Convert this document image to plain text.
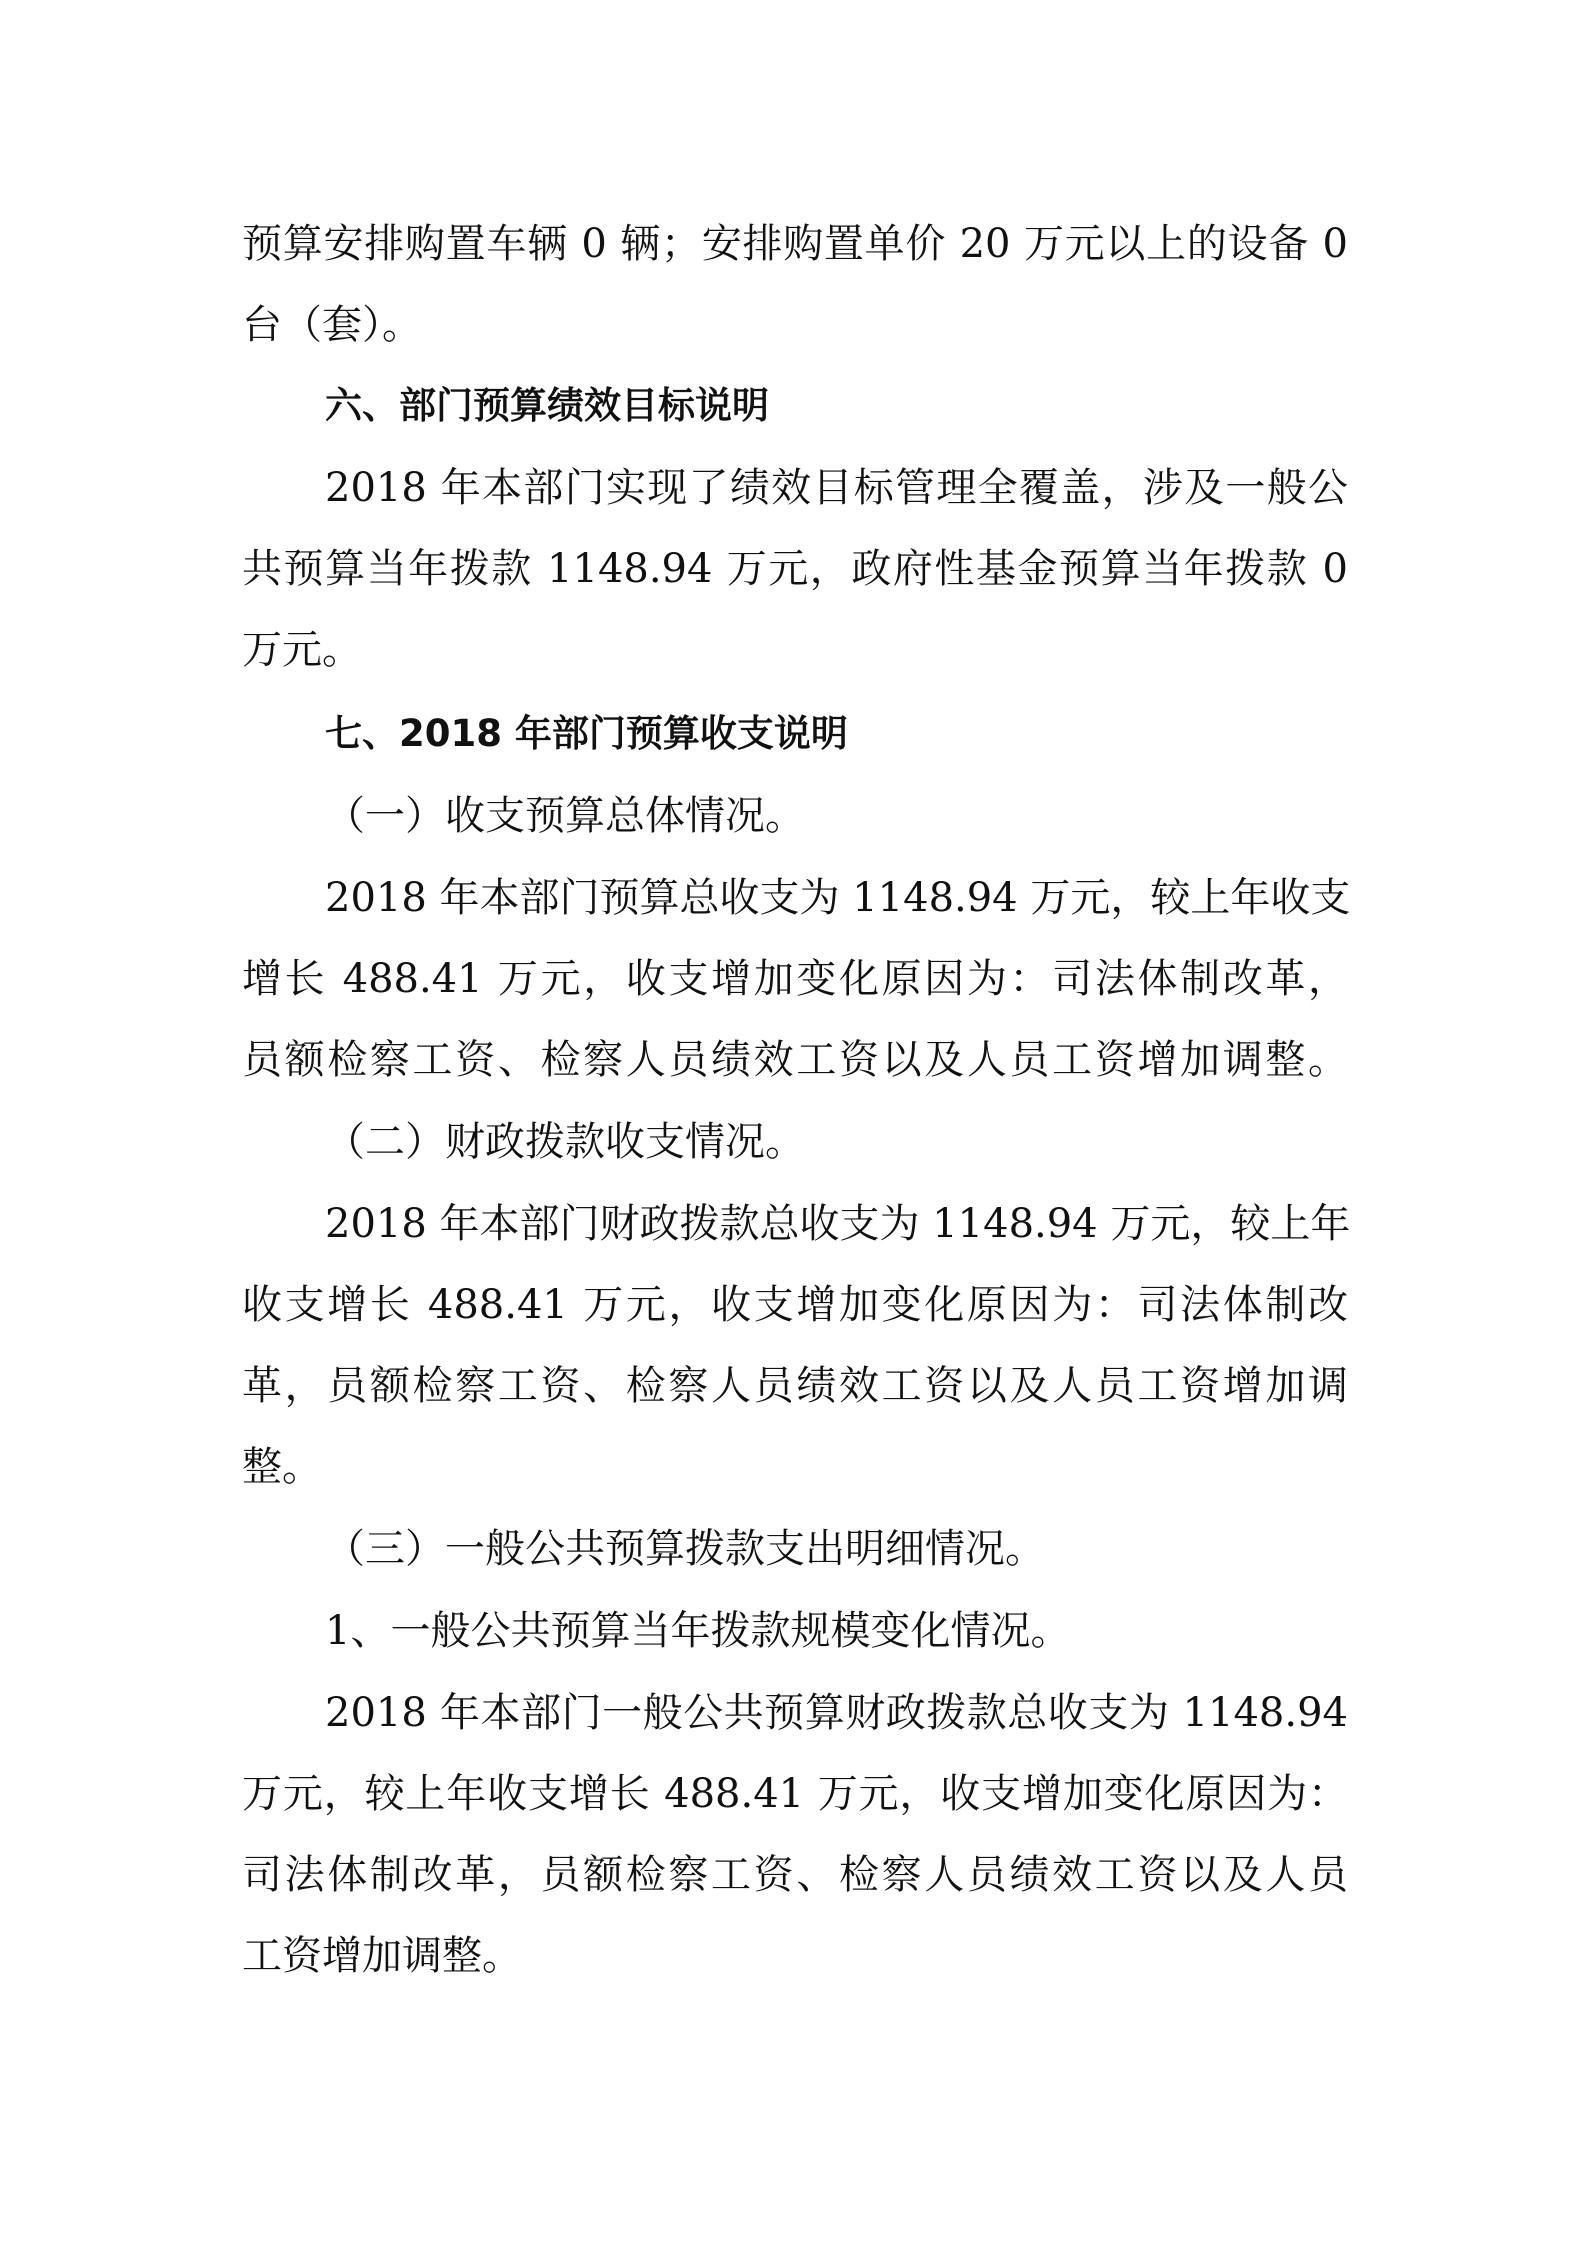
预算安排购置车辆 0 辆；安排购置单价 20 万元以上的设备 0
台（套）。
六、部门预算绩效目标说明
2018 年本部门实现了绩效目标管理全覆盖，涉及一般公
共预算当年拨款 1148.94 万元，政府性基金预算当年拨款 0
万元。
七、2018 年部门预算收支说明
（一）收支预算总体情况。
2018 年本部门预算总收支为 1148.94 万元，较上年收支
增长 488.41 万元，收支增加变化原因为：司法体制改革，
员额检察工资、检察人员绩效工资以及人员工资增加调整。
（二）财政拨款收支情况。
2018 年本部门财政拨款总收支为 1148.94 万元，较上年
收支增长 488.41 万元，收支增加变化原因为：司法体制改
革，员额检察工资、检察人员绩效工资以及人员工资增加调
整。
（三）一般公共预算拨款支出明细情况。
1、一般公共预算当年拨款规模变化情况。
2018 年本部门一般公共预算财政拨款总收支为 1148.94
万元，较上年收支增长 488.41 万元，收支增加变化原因为：
司法体制改革，员额检察工资、检察人员绩效工资以及人员
工资增加调整。
